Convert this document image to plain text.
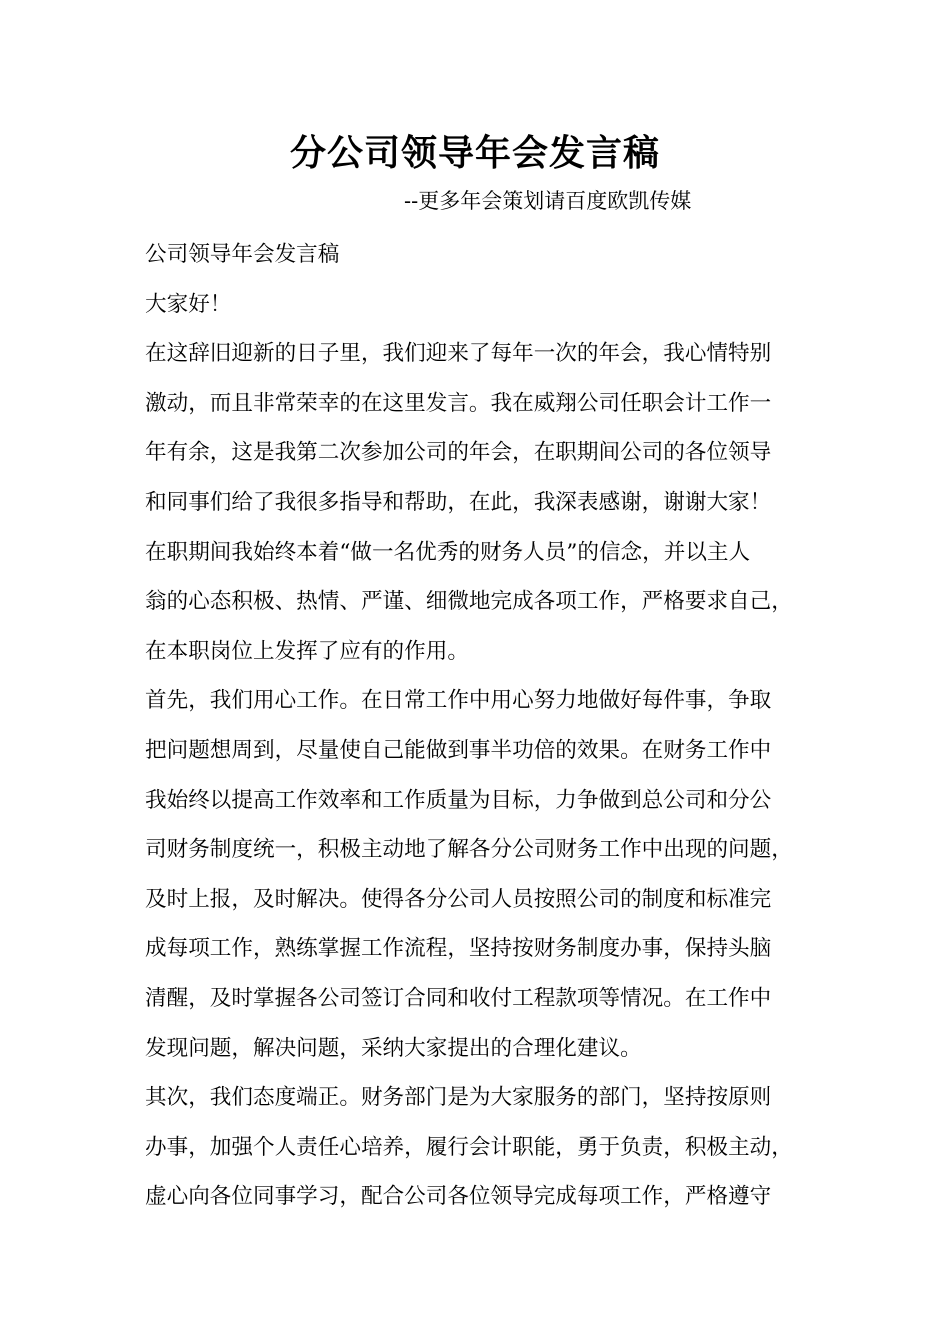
分公司领导年会发言稿
--更多年会策划请百度欧凯传媒
公司领导年会发言稿
大家好！
在这辞旧迎新的日子里，我们迎来了每年一次的年会，我心情特别
激动，而且非常荣幸的在这里发言。我在威翔公司任职会计工作一
年有余，这是我第二次参加公司的年会，在职期间公司的各位领导
和同事们给了我很多指导和帮助，在此，我深表感谢，谢谢大家！
在职期间我始终本着“做一名优秀的财务人员”的信念，并以主人
翁的心态积极、热情、严谨、细微地完成各项工作，严格要求自己，
在本职岗位上发挥了应有的作用。
首先，我们用心工作。在日常工作中用心努力地做好每件事，争取
把问题想周到，尽量使自己能做到事半功倍的效果。在财务工作中
我始终以提高工作效率和工作质量为目标，力争做到总公司和分公
司财务制度统一，积极主动地了解各分公司财务工作中出现的问题，
及时上报，及时解决。使得各分公司人员按照公司的制度和标准完
成每项工作，熟练掌握工作流程，坚持按财务制度办事，保持头脑
清醒，及时掌握各公司签订合同和收付工程款项等情况。在工作中
发现问题，解决问题，采纳大家提出的合理化建议。
其次，我们态度端正。财务部门是为大家服务的部门，坚持按原则
办事，加强个人责任心培养，履行会计职能，勇于负责，积极主动，
虚心向各位同事学习，配合公司各位领导完成每项工作，严格遵守
